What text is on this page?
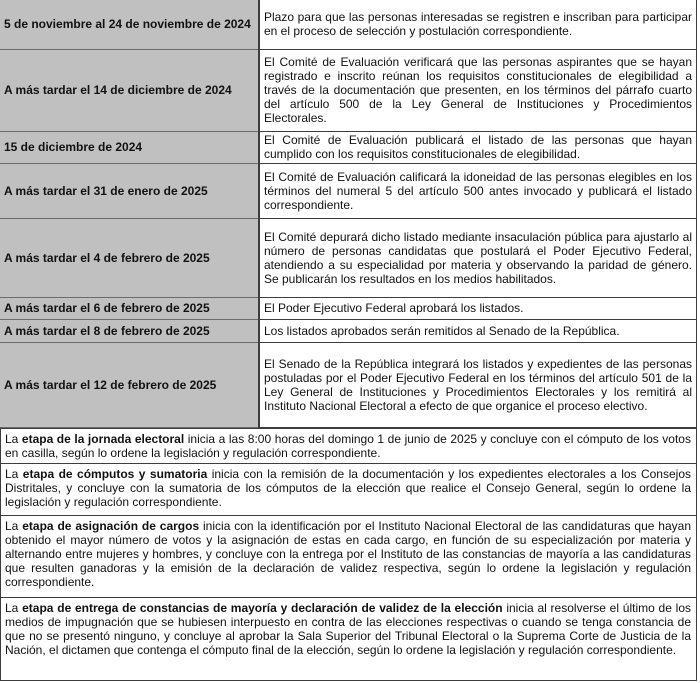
5 de noviembre al 24 de noviembre de 2024	Plazo para que las personas interesadas se registren e inscriban para participar en el proceso de selección y postulación correspondiente.
A más tardar el 14 de diciembre de 2024	El Comité de Evaluación verificará que las personas aspirantes que se hayan registrado e inscrito reúnan los requisitos constitucionales de elegibilidad a través de la documentación que presenten, en los términos del párrafo cuarto del artículo 500 de la Ley General de Instituciones y Procedimientos Electorales.
15 de diciembre de 2024	El Comité de Evaluación publicará el listado de las personas que hayan cumplido con los requisitos constitucionales de elegibilidad.
A más tardar el 31 de enero de 2025	El Comité de Evaluación calificará la idoneidad de las personas elegibles en los términos del numeral 5 del artículo 500 antes invocado y publicará el listado correspondiente.
A más tardar el 4 de febrero de 2025	El Comité depurará dicho listado mediante insaculación pública para ajustarlo al número de personas candidatas que postulará el Poder Ejecutivo Federal, atendiendo a su especialidad por materia y observando la paridad de género. Se publicarán los resultados en los medios habilitados.
A más tardar el 6 de febrero de 2025	El Poder Ejecutivo Federal aprobará los listados.
A más tardar el 8 de febrero de 2025	Los listados aprobados serán remitidos al Senado de la República.
A más tardar el 12 de febrero de 2025	El Senado de la República integrará los listados y expedientes de las personas postuladas por el Poder Ejecutivo Federal en los términos del artículo 501 de la Ley General de Instituciones y Procedimientos Electorales y los remitirá al Instituto Nacional Electoral a efecto de que organice el proceso electivo.
La etapa de la jornada electoral inicia a las 8:00 horas del domingo 1 de junio de 2025 y concluye con el cómputo de los votos en casilla, según lo ordene la legislación y regulación correspondiente.
La etapa de cómputos y sumatoria inicia con la remisión de la documentación y los expedientes electorales a los Consejos Distritales, y concluye con la sumatoria de los cómputos de la elección que realice el Consejo General, según lo ordene la legislación y regulación correspondiente.
La etapa de asignación de cargos inicia con la identificación por el Instituto Nacional Electoral de las candidaturas que hayan obtenido el mayor número de votos y la asignación de estas en cada cargo, en función de su especialización por materia y alternando entre mujeres y hombres, y concluye con la entrega por el Instituto de las constancias de mayoría a las candidaturas que resulten ganadoras y la emisión de la declaración de validez respectiva, según lo ordene la legislación y regulación correspondiente.
La etapa de entrega de constancias de mayoría y declaración de validez de la elección inicia al resolverse el último de los medios de impugnación que se hubiesen interpuesto en contra de las elecciones respectivas o cuando se tenga constancia de que no se presentó ninguno, y concluye al aprobar la Sala Superior del Tribunal Electoral o la Suprema Corte de Justicia de la Nación, el dictamen que contenga el cómputo final de la elección, según lo ordene la legislación y regulación correspondiente.
